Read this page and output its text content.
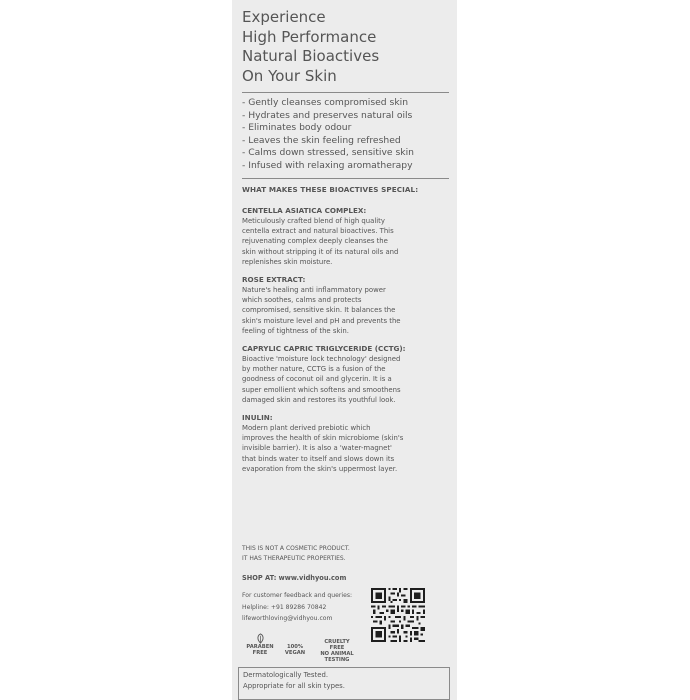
Experience
High Performance
Natural Bioactives
On Your Skin
- Gently cleanses compromised skin
- Hydrates and preserves natural oils
- Eliminates body odour
- Leaves the skin feeling refreshed
- Calms down stressed, sensitive skin
- Infused with relaxing aromatherapy
WHAT MAKES THESE BIOACTIVES SPECIAL:
CENTELLA ASIATICA COMPLEX:
Meticulously crafted blend of high quality
centella extract and natural bioactives. This
rejuvenating complex deeply cleanses the
skin without stripping it of its natural oils and
replenishes skin moisture.
ROSE EXTRACT:
Nature's healing anti inflammatory power
which soothes, calms and protects
compromised, sensitive skin. It balances the
skin's moisture level and pH and prevents the
feeling of tightness of the skin.
CAPRYLIC CAPRIC TRIGLYCERIDE (CCTG):
Bioactive 'moisture lock technology' designed
by mother nature, CCTG is a fusion of the
goodness of coconut oil and glycerin. It is a
super emollient which softens and smoothens
damaged skin and restores its youthful look.
INULIN:
Modern plant derived prebiotic which
improves the health of skin microbiome (skin's
invisible barrier). It is also a 'water-magnet'
that binds water to itself and slows down its
evaporation from the skin's uppermost layer.
THIS IS NOT A COSMETIC PRODUCT.
IT HAS THERAPEUTIC PROPERTIES.
SHOP AT: www.vidhyou.com
For customer feedback and queries:
Helpline: +91 89286 70842
lifeworthloving@vidhyou.com
PARABEN
FREE
100%
VEGAN
CRUELTY
FREE
NO ANIMAL
TESTING
Dermatologically Tested.
Appropriate for all skin types.
